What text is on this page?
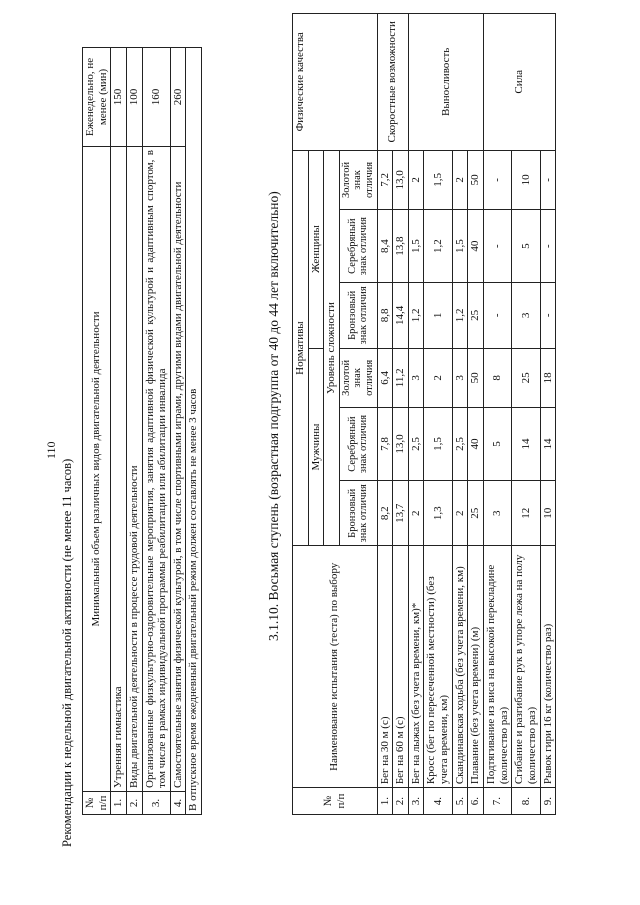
110
Рекомендации к недельной двигательной активности (не менее 11 часов) № п/п	Минимальный объем различных видов двигательной деятельности	Еженедельно, не менее (мин)
1.	Утренняя гимнастика	150
2.	Виды двигательной деятельности в процессе трудовой деятельности	100
3.	Организованные физкультурно-оздоровительные мероприятия, занятия адаптивной физической культурой и адаптивным спортом, в том числе в рамках индивидуальной программы реабилитации или абилитации инвалида	160
4.	Самостоятельные занятия физической культурой, в том числе спортивными играми, другими видами двигательной деятельности	260
В отпускное время ежедневный двигательный режим должен составлять не менее 3 часов			3.1.10. Восьмая ступень (возрастная подгруппа от 40 до 44 лет включительно)
№ п/п	Наименование испытания (теста) по выбору	Нормативы						Физические качества
		Мужчины			Женщины			
		Уровень сложности						
		Бронзовый знак отличия	Серебряный знак отличия	Золотой знак отличия	Бронзовый знак отличия	Серебряный знак отличия	Золотой знак отличия	
1.	Бег на 30 м (с)	8,2	7,8	6,4	8,8	8,4	7,2	Скоростные возможности
2.	Бег на 60 м (с)	13,7	13,0	11,2	14,4	13,8	13,0	
3.	Бег на лыжах (без учета времени, км)*	2	2,5	3	1,2	1,5	2	Выносливость
4.	Кросс (бег по пересеченной местности) (без учета времени, км)	1,3	1,5	2	1	1,2	1,5	
5.	Скандинавская ходьба (без учета времени, км)	2	2,5	3	1,2	1,5	2	
6.	Плавание (без учета времени) (м)	25	40	50	25	40	50	
7.	Подтягивание из виса на высокой перекладине (количество раз)	3	5	8	-	-	-	Сила
8.	Сгибание и разгибание рук в упоре лежа на полу (количество раз)	12	14	25	3	5	10	
9.	Рывок гири 16 кг (количество раз)	10	14	18	-	-	-	
